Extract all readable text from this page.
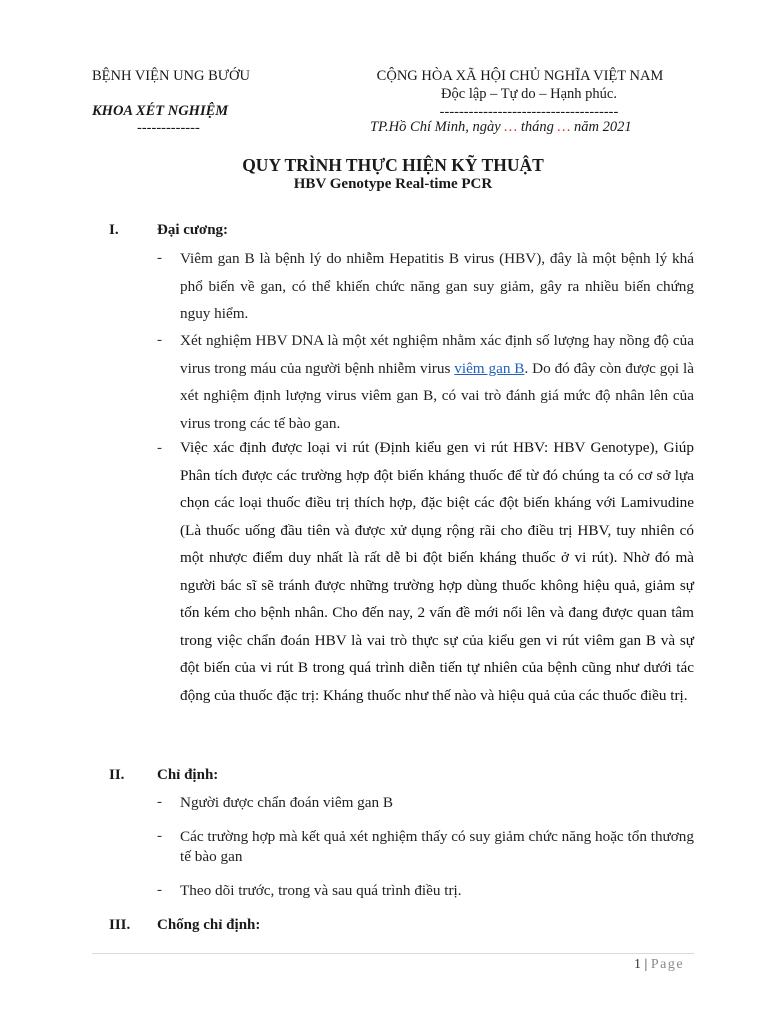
BỆNH VIỆN UNG BƯỚU
KHOA XÉT NGHIỆM
-------------
CỘNG HÒA XÃ HỘI CHỦ NGHĨA VIỆT NAM
Độc lập – Tự do – Hạnh phúc.
-------------------------------------
TP.Hồ Chí Minh, ngày … tháng … năm 2021
QUY TRÌNH THỰC HIỆN KỸ THUẬT
HBV Genotype Real-time PCR
I.	Đại cương:
- Viêm gan B là bệnh lý do nhiễm Hepatitis B virus (HBV), đây là một bệnh lý khá phổ biến về gan, có thể khiến chức năng gan suy giảm, gây ra nhiều biến chứng nguy hiểm.
- Xét nghiệm HBV DNA là một xét nghiệm nhằm xác định số lượng hay nồng độ của virus trong máu của người bệnh nhiễm virus viêm gan B. Do đó đây còn được gọi là xét nghiệm định lượng virus viêm gan B, có vai trò đánh giá mức độ nhân lên của virus trong các tế bào gan.
- Việc xác định được loại vi rút (Định kiểu gen vi rút HBV: HBV Genotype), Giúp Phân tích được các trường hợp đột biến kháng thuốc để từ đó chúng ta có cơ sở lựa chọn các loại thuốc điều trị thích hợp, đặc biệt các đột biến kháng với Lamivudine (Là thuốc uống đầu tiên và được xử dụng rộng rãi cho điều trị HBV, tuy nhiên có một nhược điểm duy nhất là rất dễ bi đột biến kháng thuốc ở vi rút). Nhờ đó mà người bác sĩ sẽ tránh được những trường hợp dùng thuốc không hiệu quả, giảm sự tốn kém cho bệnh nhân. Cho đến nay, 2 vấn đề mới nổi lên và đang được quan tâm trong việc chẩn đoán HBV là vai trò thực sự của kiểu gen vi rút viêm gan B và sự đột biến của vi rút B trong quá trình diễn tiến tự nhiên của bệnh cũng như dưới tác động của thuốc đặc trị: Kháng thuốc như thế nào và hiệu quả của các thuốc điều trị.
II. Chỉ định:
- Người được chẩn đoán viêm gan B
- Các trường hợp mà kết quả xét nghiệm thấy có suy giảm chức năng hoặc tổn thương tế bào gan
- Theo dõi trước, trong và sau quá trình điều trị.
III. Chống chỉ định:
1 | Page
